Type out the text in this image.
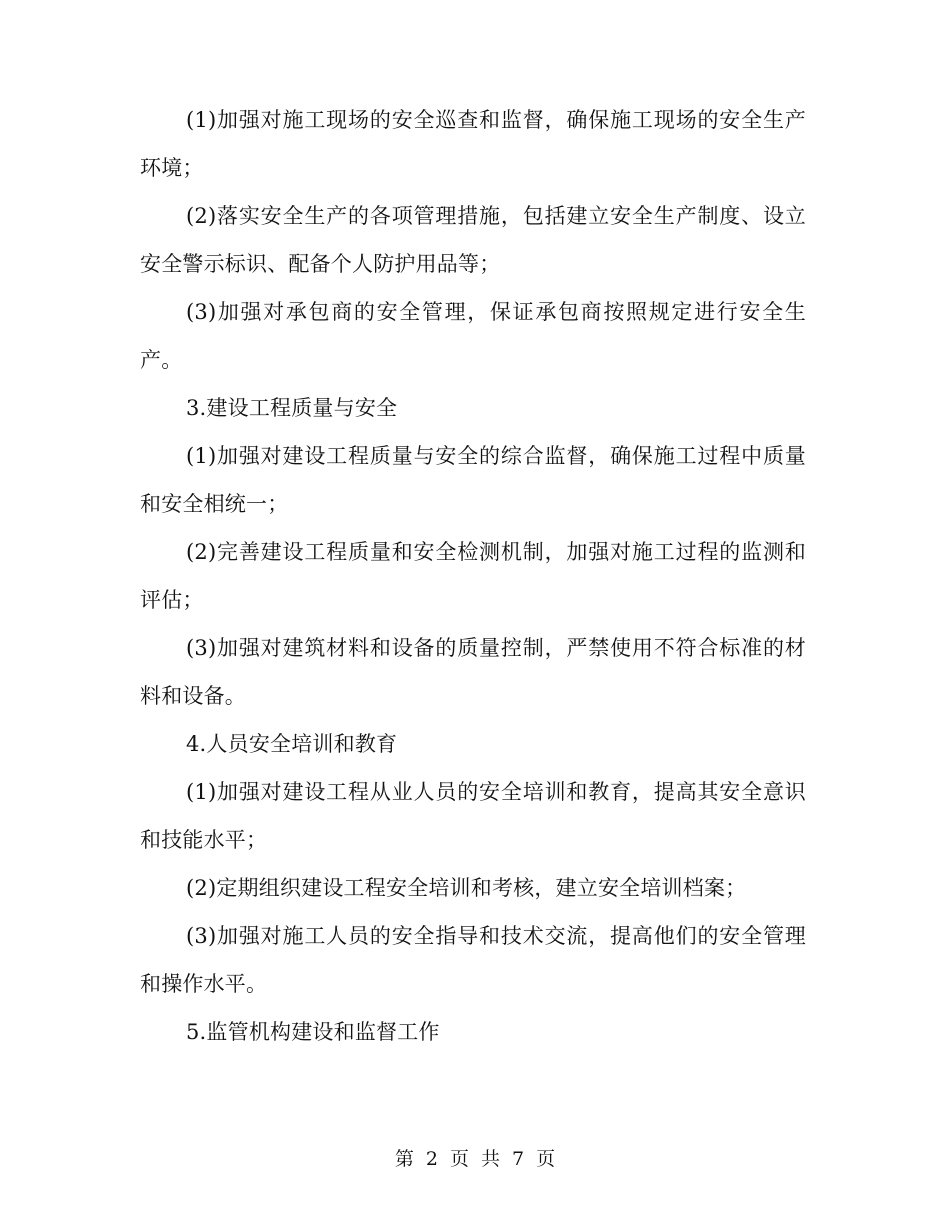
(1)加强对施工现场的安全巡查和监督，确保施工现场的安全生产环境；

(2)落实安全生产的各项管理措施，包括建立安全生产制度、设立安全警示标识、配备个人防护用品等；

(3)加强对承包商的安全管理，保证承包商按照规定进行安全生产。

3.建设工程质量与安全

(1)加强对建设工程质量与安全的综合监督，确保施工过程中质量和安全相统一；

(2)完善建设工程质量和安全检测机制，加强对施工过程的监测和评估；

(3)加强对建筑材料和设备的质量控制，严禁使用不符合标准的材料和设备。

4.人员安全培训和教育

(1)加强对建设工程从业人员的安全培训和教育，提高其安全意识和技能水平；

(2)定期组织建设工程安全培训和考核，建立安全培训档案；

(3)加强对施工人员的安全指导和技术交流，提高他们的安全管理和操作水平。

5.监管机构建设和监督工作

第 2 页 共 7 页
